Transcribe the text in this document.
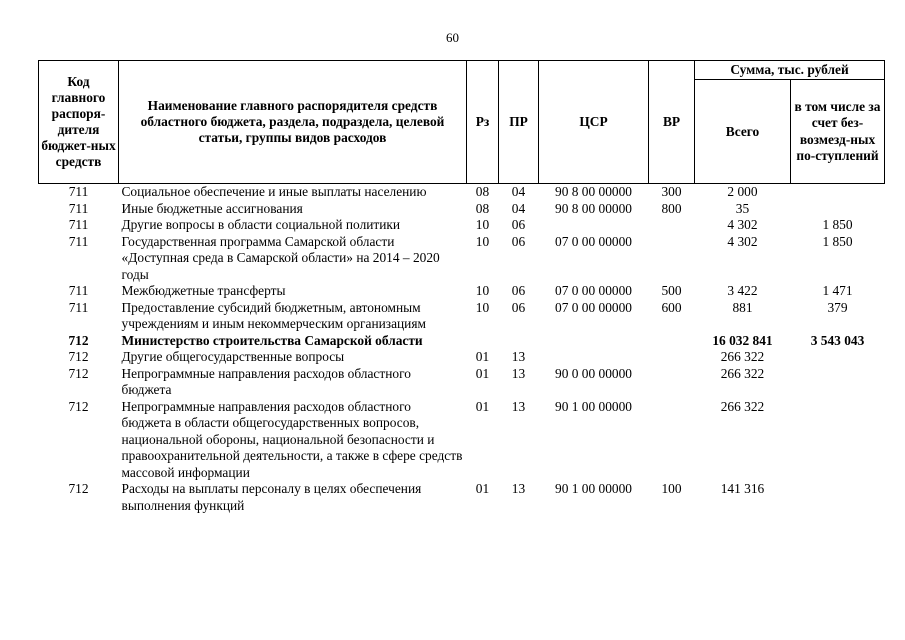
60
Код главного распоря-дителя бюджет-ных средств	Наименование главного распорядителя средств областного бюджета, раздела, подраздела, целевой статьи, группы видов расходов	Рз	ПР	ЦСР	ВР	Сумма, тыс. рублей	
						Всего	в том числе за счет без-возмезд-ных по-ступлений
711	Социальное обеспечение и иные выплаты населению	08	04	90 8 00 00000	300	2 000	
711	Иные бюджетные ассигнования	08	04	90 8 00 00000	800	35	
711	Другие вопросы в области социальной политики	10	06			4 302	1 850
711	Государственная программа Самарской области «Доступная среда в Самарской области» на 2014 – 2020 годы	10	06	07 0 00 00000		4 302	1 850
711	Межбюджетные трансферты	10	06	07 0 00 00000	500	3 422	1 471
711	Предоставление субсидий бюджетным, автономным учреждениям и иным некоммерческим организациям	10	06	07 0 00 00000	600	881	379
712	Министерство строительства Самарской области					16 032 841	3 543 043
712	Другие общегосударственные вопросы	01	13			266 322	
712	Непрограммные направления расходов областного бюджета	01	13	90 0 00 00000		266 322	
712	Непрограммные направления расходов областного бюджета в области общегосударственных вопросов, национальной обороны, национальной безопасности и правоохранительной деятельности, а также в сфере средств массовой информации	01	13	90 1 00 00000		266 322	
712	Расходы на выплаты персоналу в целях обеспечения выполнения функций	01	13	90 1 00 00000	100	141 316	
